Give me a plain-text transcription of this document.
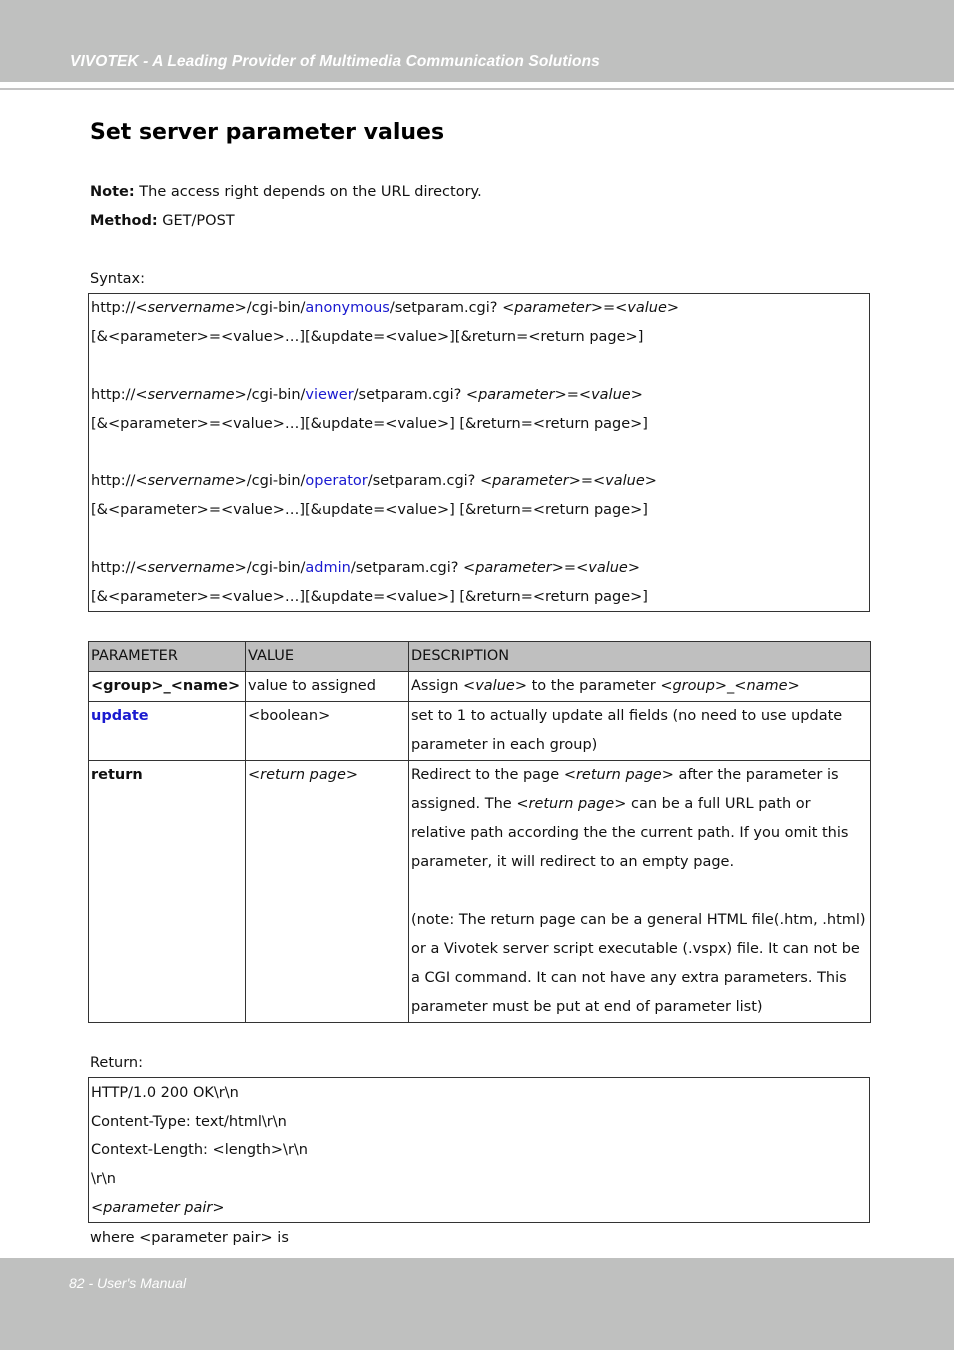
VIVOTEK - A Leading Provider of Multimedia Communication Solutions
Set server parameter values
Note: The access right depends on the URL directory.
Method: GET/POST
Syntax:
http://<servername>/cgi-bin/anonymous/setparam.cgi? <parameter>=<value>
[&<parameter>=<value>…][&update=<value>][&return=<return page>]
http://<servername>/cgi-bin/viewer/setparam.cgi? <parameter>=<value>
[&<parameter>=<value>…][&update=<value>] [&return=<return page>]
http://<servername>/cgi-bin/operator/setparam.cgi? <parameter>=<value>
[&<parameter>=<value>…][&update=<value>] [&return=<return page>]
http://<servername>/cgi-bin/admin/setparam.cgi? <parameter>=<value>
[&<parameter>=<value>…][&update=<value>] [&return=<return page>]
PARAMETER	VALUE	DESCRIPTION
<group>_<name>	value to assigned	Assign <value> to the parameter <group>_<name>
update	<boolean>	set to 1 to actually update all fields (no need to use update parameter in each group)
return	<return page>	Redirect to the page <return page> after the parameter is assigned. The <return page> can be a full URL path or relative path according the the current path. If you omit this parameter, it will redirect to an empty page.
(note: The return page can be a general HTML file(.htm, .html) or a Vivotek server script executable (.vspx) file. It can not be a CGI command. It can not have any extra parameters. This parameter must be put at end of parameter list)
Return:
HTTP/1.0 200 OK\r\n
Content-Type: text/html\r\n
Context-Length: <length>\r\n
\r\n
<parameter pair>
where <parameter pair> is
82 - User's Manual
